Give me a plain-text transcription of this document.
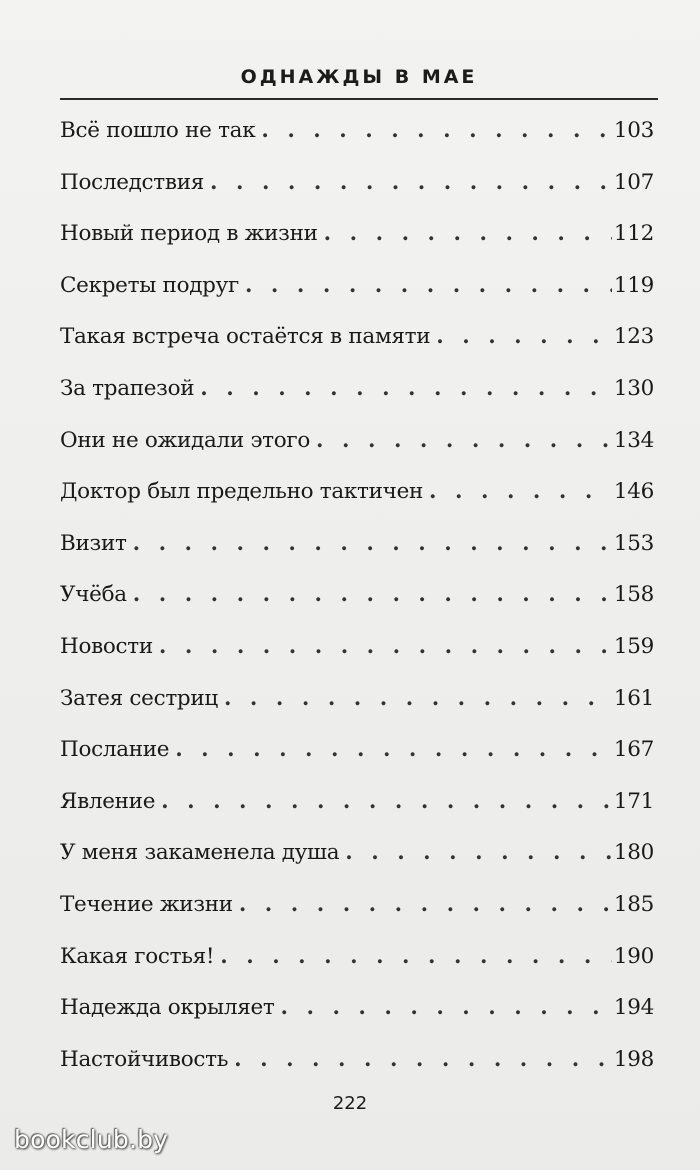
ОДНАЖДЫ В МАЕ
Всё пошло не так . . .	103
Последствия . . .	107
Новый период в жизни . . .	112
Секреты подруг . . .	119
Такая встреча остаётся в памяти . . .	123
За трапезой . . .	130
Они не ожидали этого . . .	134
Доктор был предельно тактичен . . .	146
Визит . . .	153
Учёба . . .	158
Новости . . .	159
Затея сестриц . . .	161
Послание . . .	167
Явление . . .	171
У меня закаменела душа . . .	180
Течение жизни . . .	185
Какая гостья! . . .	190
Надежда окрыляет . . .	194
Настойчивость . . .	198
222
bookclub.by
